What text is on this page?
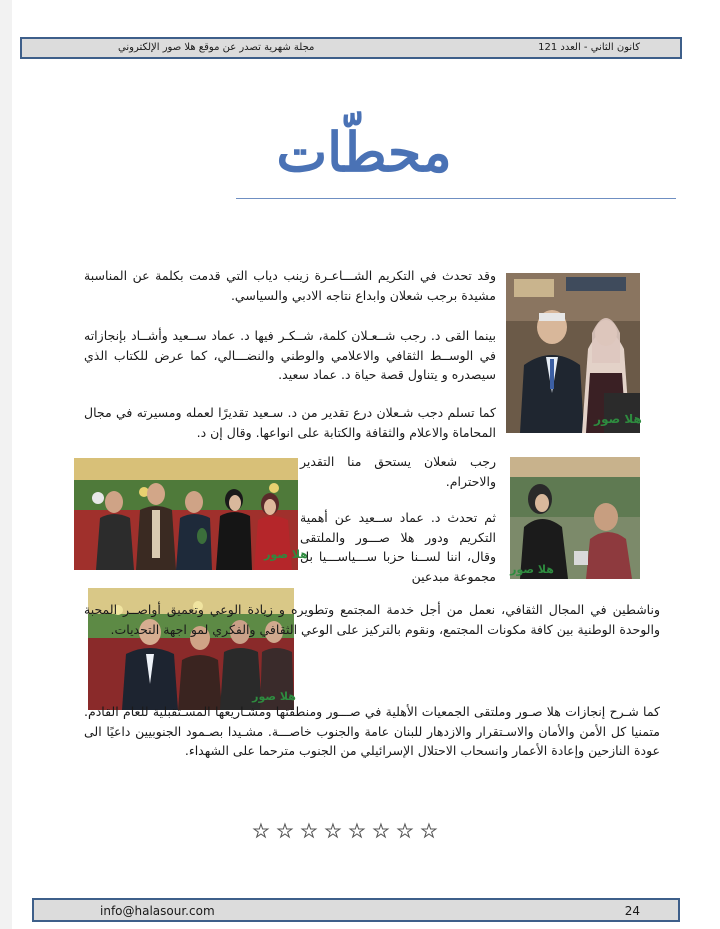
مجلة شهرية تصدر عن موقع هلا صور الإلكتروني	كانون الثاني - العدد 121
محطّات
هلا صور
هلا صور
هلا صور
هلا صور

وقد تحدث في التكريم الشـــاعـرة زينب دياب التي قدمت بكلمة عن المناسبة مشيدة برجب شعلان وابداع نتاجه الادبي والسياسي.

بينما القى د. رجب شــعـلان كلمة، شــكـر فيها د. عماد ســعيد وأشــاد بإنجازاته في الوســط الثقافي والاعلامي والوطني والنضـــالي، كما عرض للكتاب الذي سيصدره و يتناول قصة حياة د. عماد سعيد.

كما تسلم دجب شـعلان درع تقدير من د. سـعيد تقديرًا لعمله ومسيرته في مجال المحاماة والاعلام والثقافة والكتابة على انواعها. وقال إن د.

رجب شعلان يستحق منا التقدير والاحترام.

ثم تحدث د. عماد ســعيد عن أهمية التكريم ودور هلا صـــور والملتقى وقال، اننا لســنا حزبا ســـياســـيا بل مجموعة مبدعين

وناشطين في المجال الثقافي، نعمل من أجل خدمة المجتمع وتطويره و زيادة الوعي وتعميق أواصــر المحبة والوحدة الوطنية بين كافة مكونات المجتمع، ونقوم بالتركيز على الوعي الثقافي والفكري لمو اجهة التحديات.

كما شـرح إنجازات هلا صـور وملتقى الجمعيات الأهلية في صـــور ومنطقتها ومشـاريعها المسـتقبلية للعام القادم. متمنيا كل الأمن والأمان والاسـتقرار والازدهار للبنان عامة والجنوب خاصـــة. مشـيدا بصـمود الجنوبيين داعيًا الى عودة النازحين وإعادة الأعمار وانسحاب الاحتلال الإسرائيلي من الجنوب مترحما على الشهداء.

★ ★ ★ ★ ★ ★ ★ ★
info@halasour.com	24
